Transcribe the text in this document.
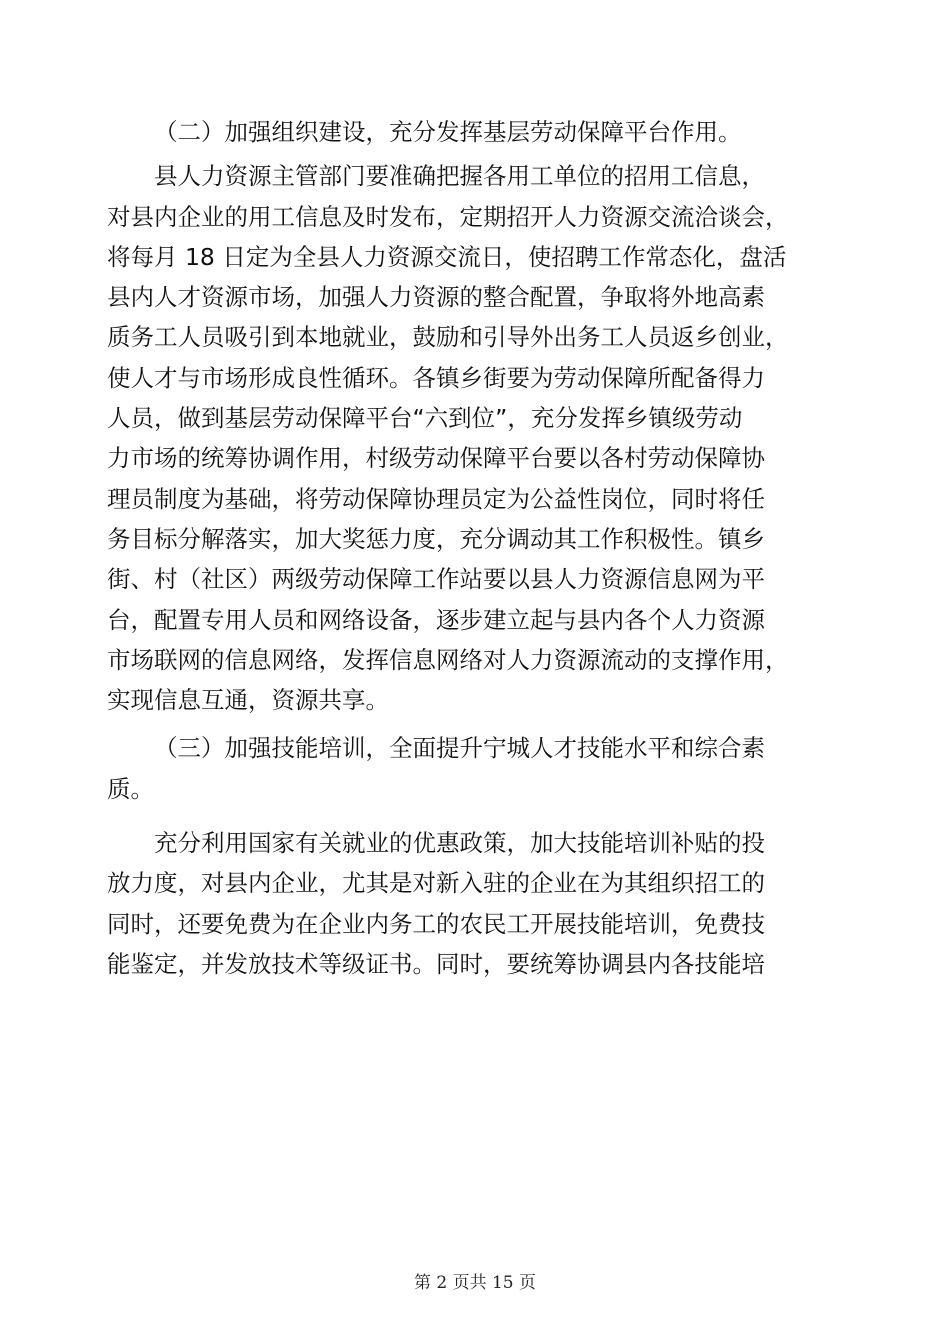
（二）加强组织建设，充分发挥基层劳动保障平台作用。

县人力资源主管部门要准确把握各用工单位的招用工信息，
对县内企业的用工信息及时发布，定期招开人力资源交流洽谈会，
将每月 18 日定为全县人力资源交流日，使招聘工作常态化，盘活
县内人才资源市场，加强人力资源的整合配置，争取将外地高素
质务工人员吸引到本地就业，鼓励和引导外出务工人员返乡创业，
使人才与市场形成良性循环。各镇乡街要为劳动保障所配备得力
人员，做到基层劳动保障平台“六到位”，充分发挥乡镇级劳动
力市场的统筹协调作用，村级劳动保障平台要以各村劳动保障协
理员制度为基础，将劳动保障协理员定为公益性岗位，同时将任
务目标分解落实，加大奖惩力度，充分调动其工作积极性。镇乡
街、村（社区）两级劳动保障工作站要以县人力资源信息网为平
台，配置专用人员和网络设备，逐步建立起与县内各个人力资源
市场联网的信息网络，发挥信息网络对人力资源流动的支撑作用，
实现信息互通，资源共享。

（三）加强技能培训，全面提升宁城人才技能水平和综合素
质。

充分利用国家有关就业的优惠政策，加大技能培训补贴的投
放力度，对县内企业，尤其是对新入驻的企业在为其组织招工的
同时，还要免费为在企业内务工的农民工开展技能培训，免费技
能鉴定，并发放技术等级证书。同时，要统筹协调县内各技能培

第 2 页共 15 页
